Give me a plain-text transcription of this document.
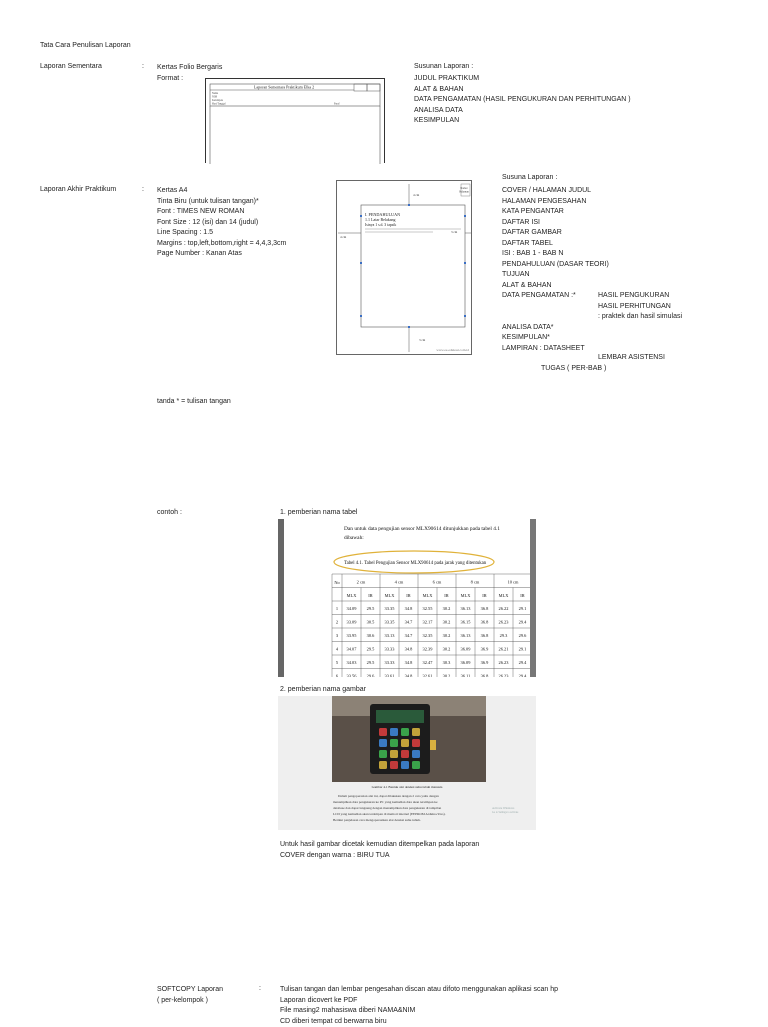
Tata Cara Penulisan Laporan
Laporan Sementara	: Kertas Folio Bergaris
Format :
Laporan Sementara Praktikum Elka 2
Nama
NIM
Kelompok
Hari/Tanggal	Paraf
Susunan Laporan :
JUDUL PRAKTIKUM
ALAT & BAHAN
DATA PENGAMATAN (HASIL PENGUKURAN DAN PERHITUNGAN )
ANALISA DATA
KESIMPULAN
Laporan Akhir Praktikum	: Kertas A4
Tinta Biru (untuk tulisan tangan)*
Font : TIMES NEW ROMAN
Font Size : 12 (isi) dan 14 (judul)
Line Spacing : 1.5
Margins : top,left,bottom,right = 4,4,3,3cm
Page Number : Kanan Atas
Nomor
Halaman
4 cm
4 cm
3 cm
3 cm
I. PENDAHULUAN
1.1 Latar Belakang
Isinya 1 s.d. 3 tapsik
www.ee-edukasi.com.id
Susuna Laporan :
COVER / HALAMAN JUDUL
HALAMAN PENGESAHAN
KATA PENGANTAR
DAFTAR ISI
DAFTAR GAMBAR
DAFTAR TABEL
ISI : BAB 1 - BAB N
PENDAHULUAN (DASAR TEORI)
TUJUAN
ALAT & BAHAN
DATA PENGAMATAN :*

ANALISA DATA*
KESIMPULAN*
LAMPIRAN : DATASHEET
HASIL PENGUKURAN
HASIL PERHITUNGAN
: praktek dan hasil simulasi
LEMBAR ASISTENSI
TUGAS ( PER-BAB )
tanda * = tulisan tangan
contoh :	1. pemberian nama tabel
Dan untuk data pengujian sensor MLX90614 ditunjukkan pada tabel 4.1
dibawah:
Tabel 4.1. Tabel Pengujian Sensor MLX90614 pada jarak yang ditentukan
No	2 cm
MLX	IR
4 cm
MLX	IR
6 cm
MLX	IR
8 cm
MLX	IR
10 cm
MLX	IR
1 34.09 29.5 33.35 34.8 32.55 30.2 36.13 36.8 26.22 29.1
2 33.09 30.5 33.35 34.7 32.17 30.2 36.15 36.8 26.23 29.4
3 33.95 30.6 33.13 34.7 32.35 30.2 36.13 36.8	29.3	29.6
4 34.07 29.5 33.33 34.8 32.39 30.2 36.09 36.9 26.21 29.1
5 34.03 29.5 33.33 34.8 32.47 30.3 36.09 36.9 26.23 29.4
6 33.56 29.6 33.61 34.8 32.61 30.2 36.11 36.8 26.23 29.4
2. pemberian nama gambar
Gambar 4.1 Bentuk alat deteksi suhu tubuh manusia
Dalam pengoperasian alat ini, dapat dilakukan dengan 2 cara yaitu dengan
menampilkan data pengukuran ke PC yang kemudian data akan tersimpan ke
database dan dapat langsung dengan menampilkan data pengukuran di tampilan
LCD yang kemudian akan tersimpan di memori internal (EEPROM Arduino/Uno).
Berikut penjelasan cara mengoperasikan alat deteksi suhu tubuh.
Activate Windows
Go to Settings to activate
Untuk hasil gambar dicetak kemudian ditempelkan pada laporan
COVER dengan warna : BIRU TUA
SOFTCOPY Laporan
( per-kelompok )
:	Tulisan tangan dan lembar pengesahan discan atau difoto menggunakan aplikasi scan hp
Laporan dicovert ke PDF
File masing2 mahasiswa diberi NAMA&NIM
CD diberi tempat cd berwarna biru
